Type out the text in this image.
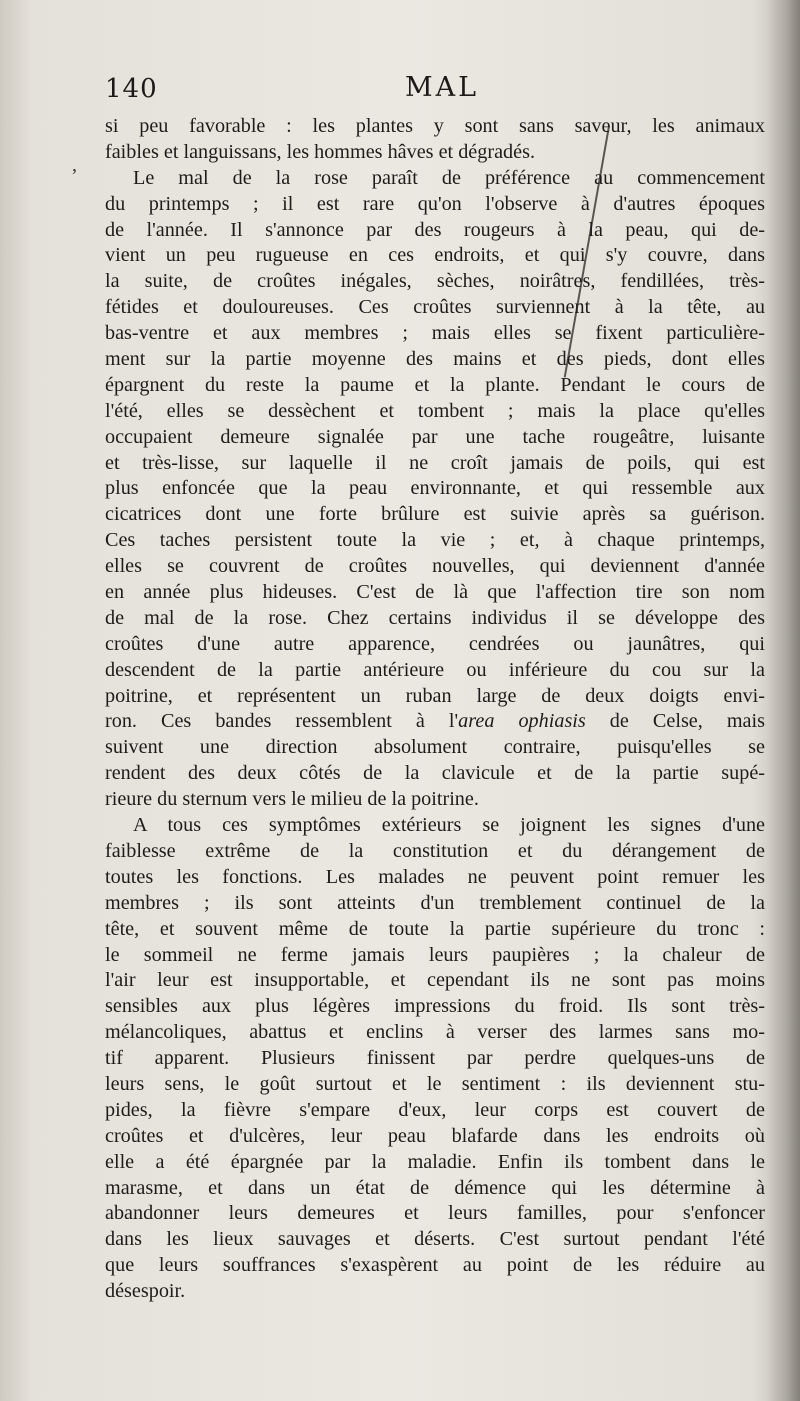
140	MAL
,
si peu favorable : les plantes y sont sans saveur, les animaux
faibles et languissans, les hommes hâves et dégradés.
Le mal de la rose paraît de préférence au commencement
du printemps ; il est rare qu'on l'observe à d'autres époques
de l'année. Il s'annonce par des rougeurs à la peau, qui de-
vient un peu rugueuse en ces endroits, et qui s'y couvre, dans
la suite, de croûtes inégales, sèches, noirâtres, fendillées, très-
fétides et douloureuses. Ces croûtes surviennent à la tête, au
bas-ventre et aux membres ; mais elles se fixent particulière-
ment sur la partie moyenne des mains et des pieds, dont elles
épargnent du reste la paume et la plante. Pendant le cours de
l'été, elles se dessèchent et tombent ; mais la place qu'elles
occupaient demeure signalée par une tache rougeâtre, luisante
et très-lisse, sur laquelle il ne croît jamais de poils, qui est
plus enfoncée que la peau environnante, et qui ressemble aux
cicatrices dont une forte brûlure est suivie après sa guérison.
Ces taches persistent toute la vie ; et, à chaque printemps,
elles se couvrent de croûtes nouvelles, qui deviennent d'année
en année plus hideuses. C'est de là que l'affection tire son nom
de mal de la rose. Chez certains individus il se développe des
croûtes d'une autre apparence, cendrées ou jaunâtres, qui
descendent de la partie antérieure ou inférieure du cou sur la
poitrine, et représentent un ruban large de deux doigts envi-
ron. Ces bandes ressemblent à l'area ophiasis de Celse, mais
suivent une direction absolument contraire, puisqu'elles se
rendent des deux côtés de la clavicule et de la partie supé-
rieure du sternum vers le milieu de la poitrine.
A tous ces symptômes extérieurs se joignent les signes d'une
faiblesse extrême de la constitution et du dérangement de
toutes les fonctions. Les malades ne peuvent point remuer les
membres ; ils sont atteints d'un tremblement continuel de la
tête, et souvent même de toute la partie supérieure du tronc :
le sommeil ne ferme jamais leurs paupières ; la chaleur de
l'air leur est insupportable, et cependant ils ne sont pas moins
sensibles aux plus légères impressions du froid. Ils sont très-
mélancoliques, abattus et enclins à verser des larmes sans mo-
tif apparent. Plusieurs finissent par perdre quelques-uns de
leurs sens, le goût surtout et le sentiment : ils deviennent stu-
pides, la fièvre s'empare d'eux, leur corps est couvert de
croûtes et d'ulcères, leur peau blafarde dans les endroits où
elle a été épargnée par la maladie. Enfin ils tombent dans le
marasme, et dans un état de démence qui les détermine à
abandonner leurs demeures et leurs familles, pour s'enfoncer
dans les lieux sauvages et déserts. C'est surtout pendant l'été
que leurs souffrances s'exaspèrent au point de les réduire au
désespoir.
